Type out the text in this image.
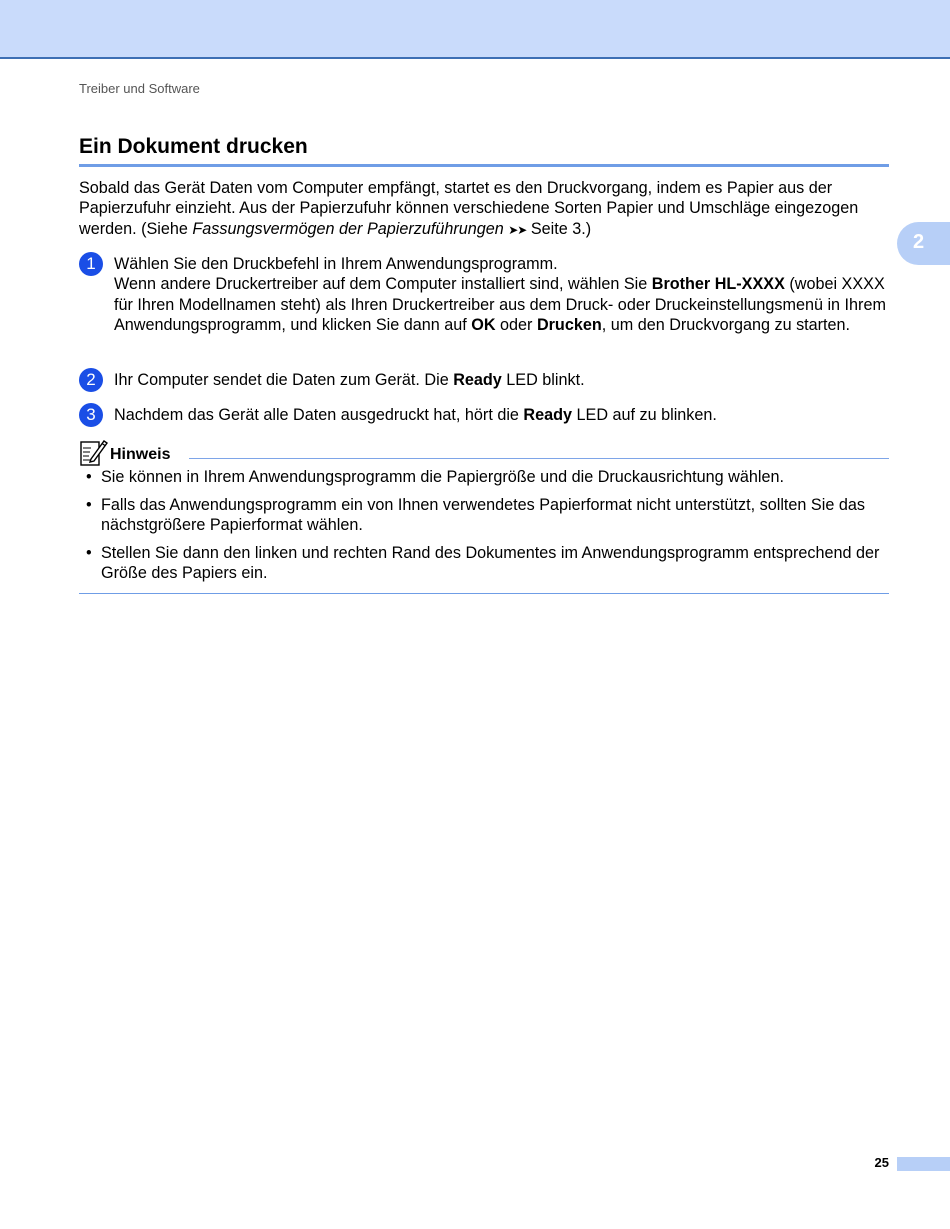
Treiber und Software
2
Ein Dokument drucken

Sobald das Gerät Daten vom Computer empfängt, startet es den Druckvorgang, indem es Papier aus der Papierzufuhr einzieht. Aus der Papierzufuhr können verschiedene Sorten Papier und Umschläge eingezogen werden. (Siehe Fassungsvermögen der Papierzuführungen ➤➤ Seite 3.)

1	Wählen Sie den Druckbefehl in Ihrem Anwendungsprogramm.
Wenn andere Druckertreiber auf dem Computer installiert sind, wählen Sie Brother HL-XXXX (wobei XXXX für Ihren Modellnamen steht) als Ihren Druckertreiber aus dem Druck- oder Druckeinstellungsmenü in Ihrem Anwendungsprogramm, und klicken Sie dann auf OK oder Drucken, um den Druckvorgang zu starten.
2	Ihr Computer sendet die Daten zum Gerät. Die Ready LED blinkt.
3	Nachdem das Gerät alle Daten ausgedruckt hat, hört die Ready LED auf zu blinken.
Hinweis
• Sie können in Ihrem Anwendungsprogramm die Papiergröße und die Druckausrichtung wählen.
• Falls das Anwendungsprogramm ein von Ihnen verwendetes Papierformat nicht unterstützt, sollten Sie das nächstgrößere Papierformat wählen.
• Stellen Sie dann den linken und rechten Rand des Dokumentes im Anwendungsprogramm entsprechend der Größe des Papiers ein.
25
